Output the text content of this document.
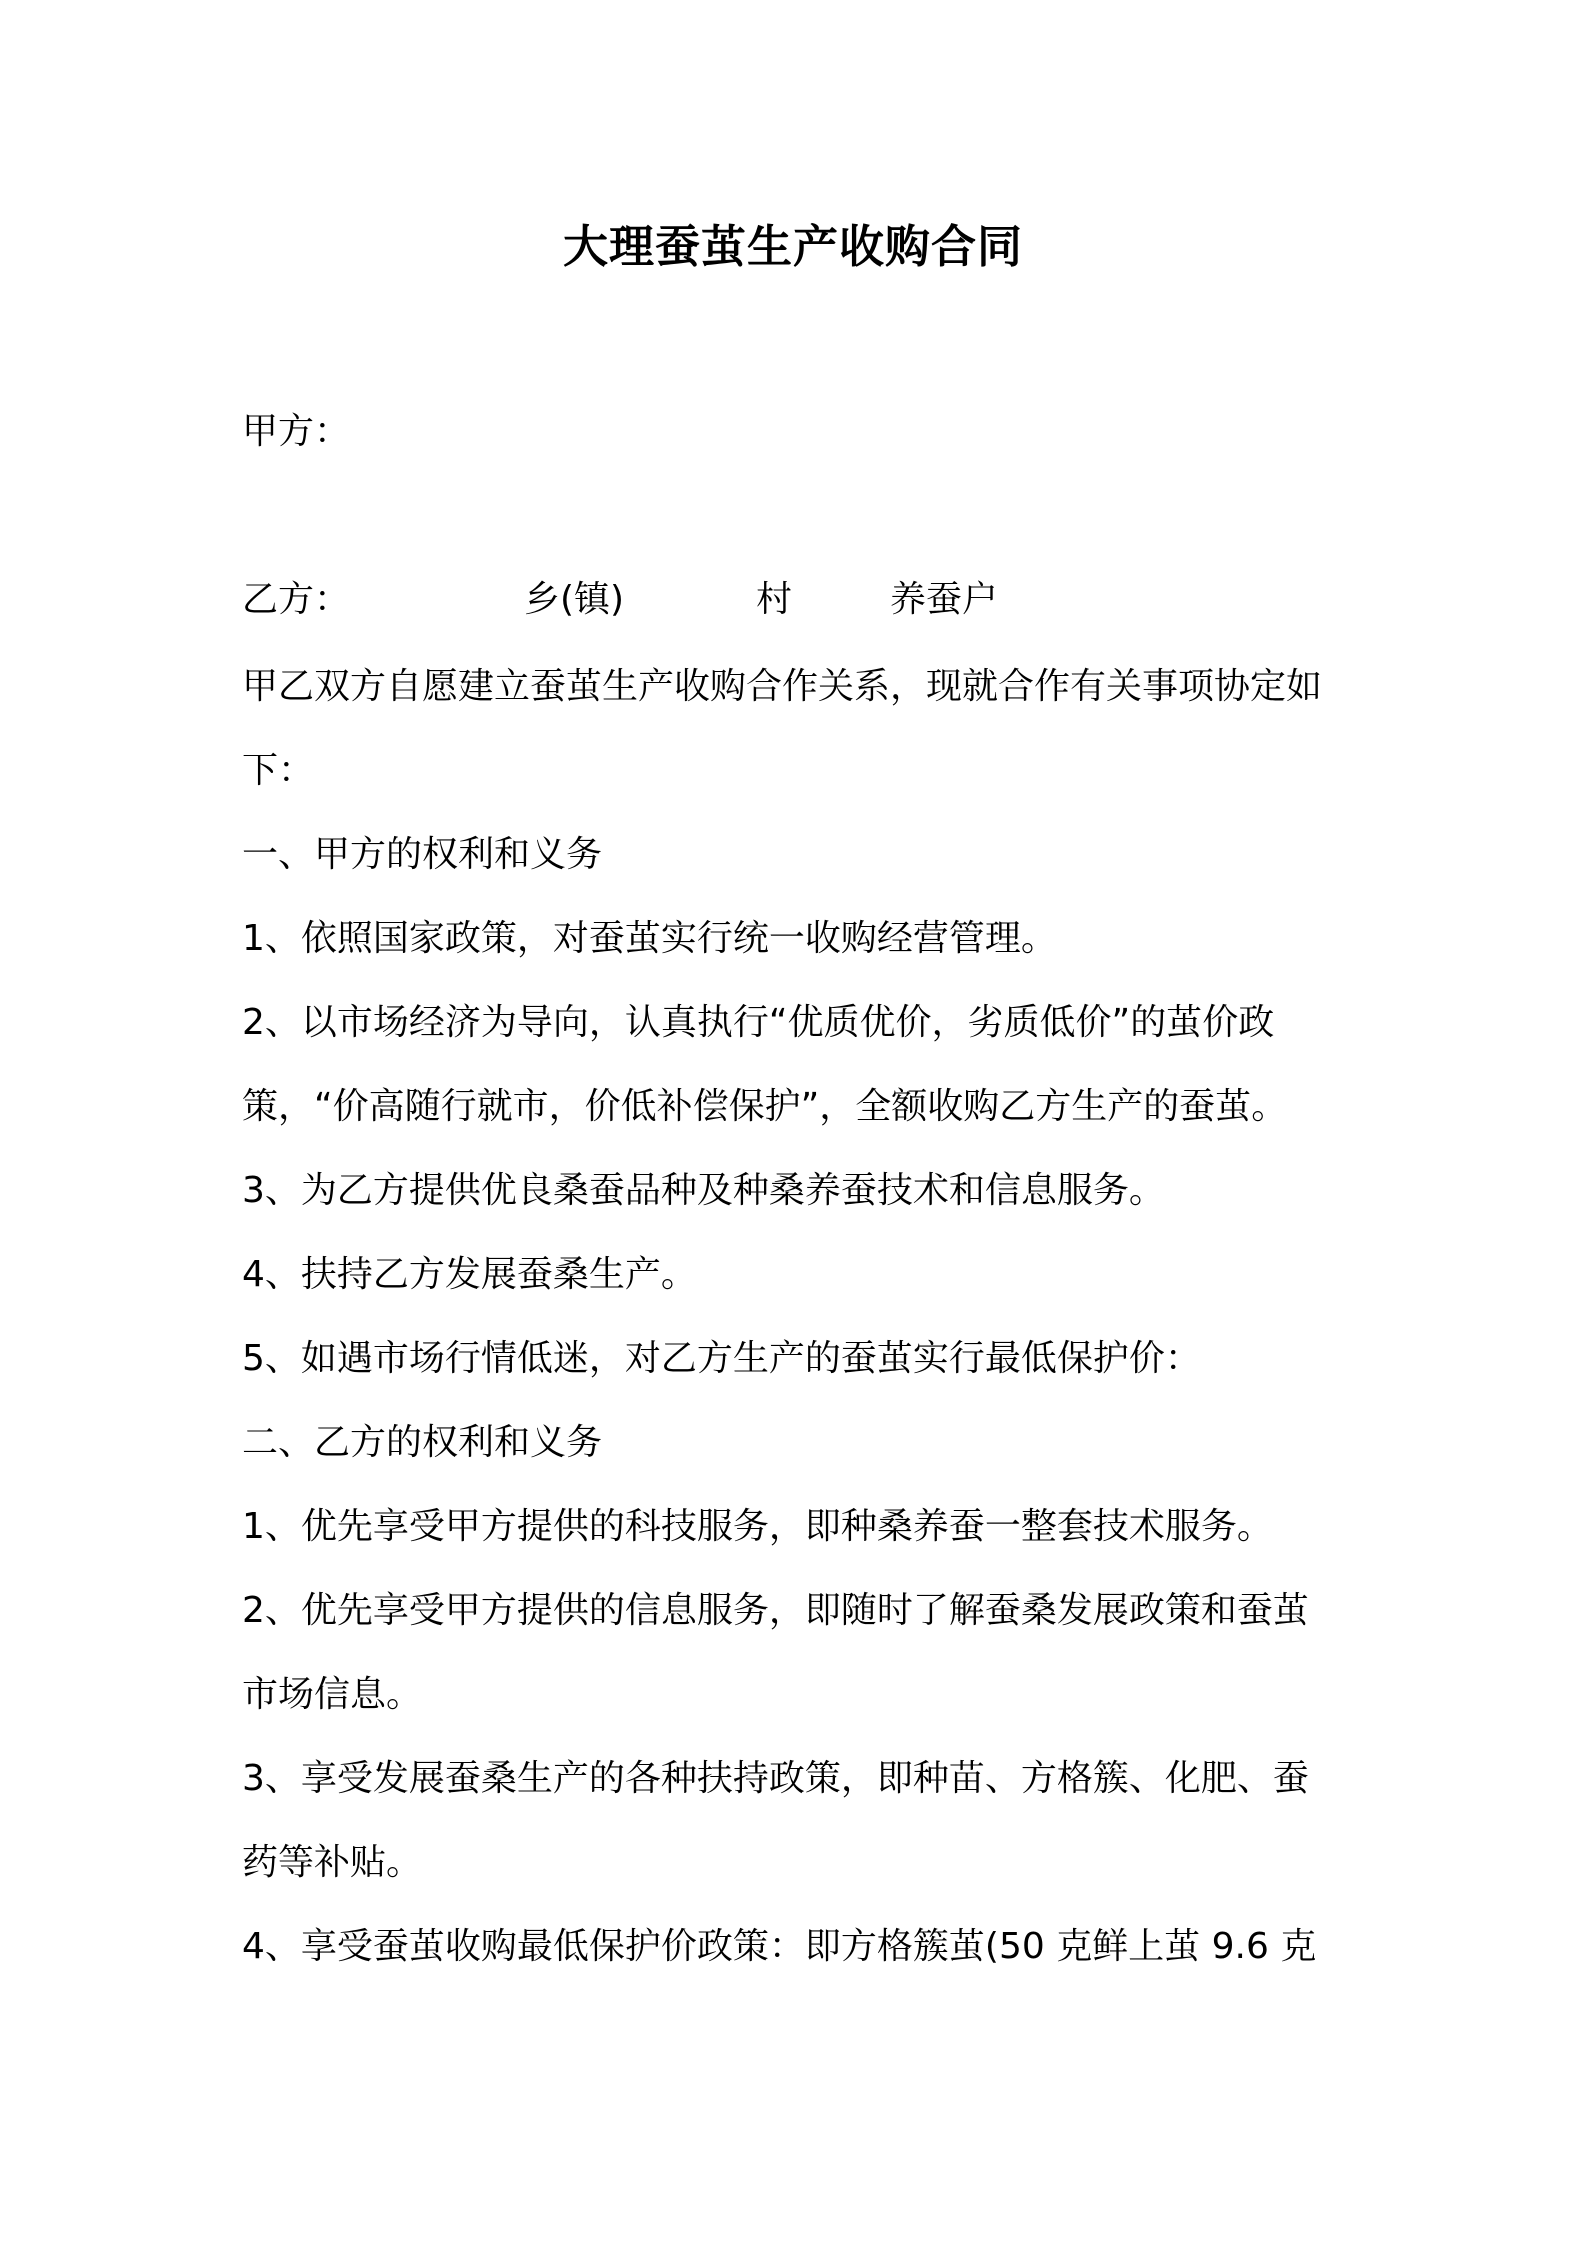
大理蚕茧生产收购合同
甲方：
乙方：	乡(镇)	村	养蚕户
甲乙双方自愿建立蚕茧生产收购合作关系，现就合作有关事项协定如
下：
一、甲方的权利和义务
1、依照国家政策，对蚕茧实行统一收购经营管理。
2、以市场经济为导向，认真执行“优质优价，劣质低价”的茧价政
策，“价高随行就市，价低补偿保护”，全额收购乙方生产的蚕茧。
3、为乙方提供优良桑蚕品种及种桑养蚕技术和信息服务。
4、扶持乙方发展蚕桑生产。
5、如遇市场行情低迷，对乙方生产的蚕茧实行最低保护价：
二、乙方的权利和义务
1、优先享受甲方提供的科技服务，即种桑养蚕一整套技术服务。
2、优先享受甲方提供的信息服务，即随时了解蚕桑发展政策和蚕茧
市场信息。
3、享受发展蚕桑生产的各种扶持政策，即种苗、方格簇、化肥、蚕
药等补贴。
4、享受蚕茧收购最低保护价政策：即方格簇茧(50 克鲜上茧 9.6 克
